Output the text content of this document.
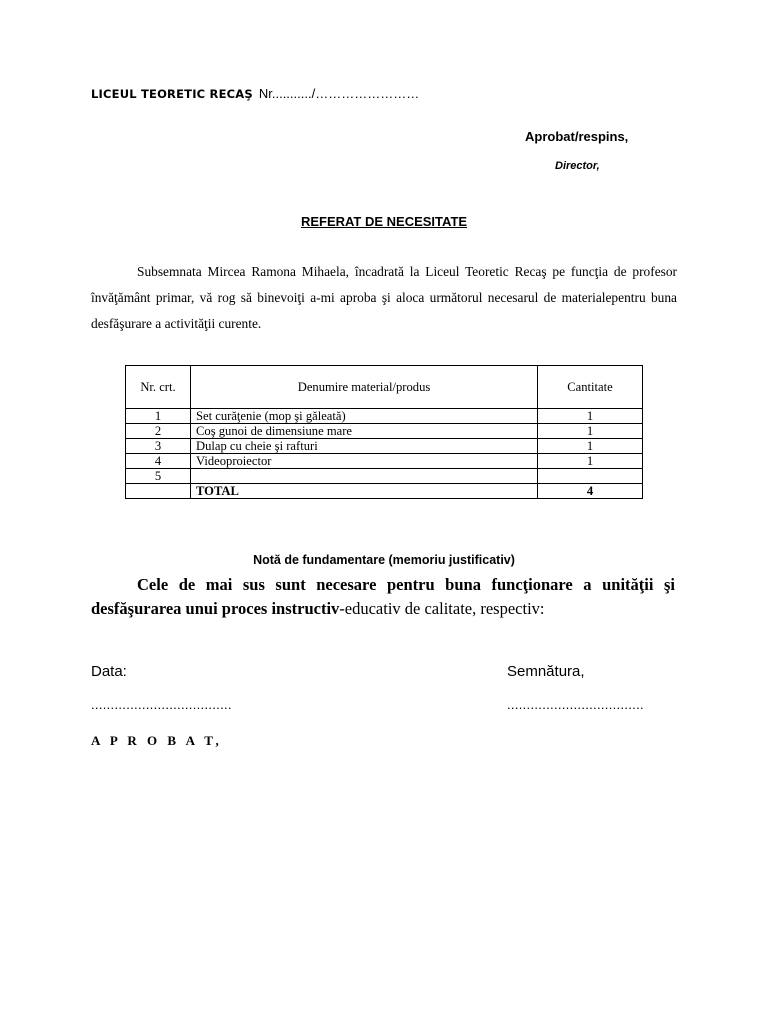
LICEUL TEORETIC RECAŞ Nr.........../……………………
Aprobat/respins,
Director,
REFERAT DE NECESITATE

Subsemnata Mircea Ramona Mihaela, încadrată la Liceul Teoretic Recaş pe funcţia de profesor învăţământ primar, vă rog să binevoiţi a-mi aproba şi aloca următorul necesarul de materialepentru buna desfăşurare a activităţii curente.

Nr. crt.	Denumire material/produs	Cantitate
1	Set curăţenie (mop şi găleată)	1
2	Coş gunoi de dimensiune mare	1
3	Dulap cu cheie şi rafturi	1
4	Videoproiector	1
5		
	TOTAL	4
Notă de fundamentare (memoriu justificativ)

Cele de mai sus sunt necesare pentru buna funcţionare a unităţii şi desfăşurarea unui proces instructiv-educativ de calitate, respectiv:

Data:	Semnătura,
....................................	...................................
A P R O B A T,
